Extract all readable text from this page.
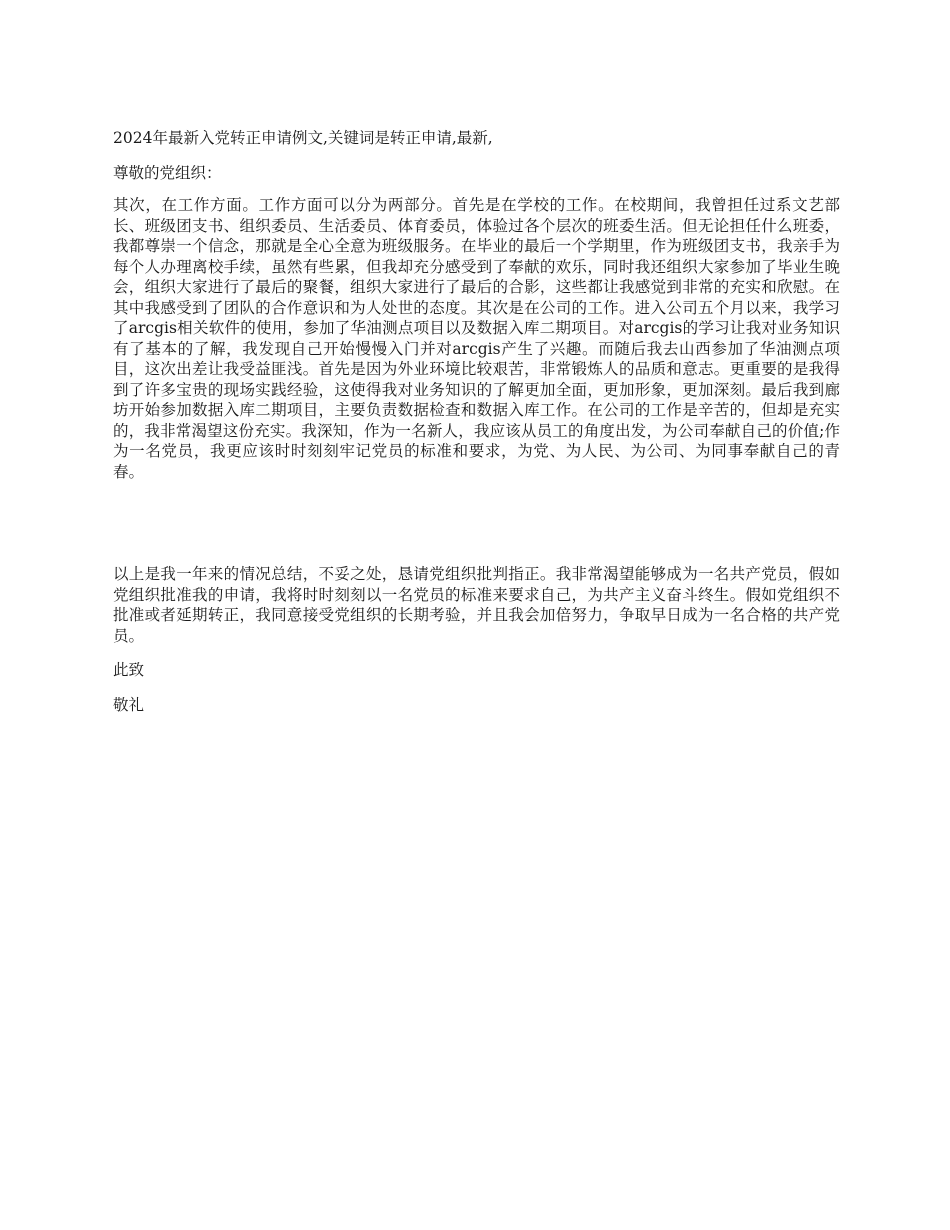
2024年最新入党转正申请例文,关键词是转正申请,最新,

尊敬的党组织：

其次，在工作方面。工作方面可以分为两部分。首先是在学校的工作。在校期间，我曾担任过系文艺部长、班级团支书、组织委员、生活委员、体育委员，体验过各个层次的班委生活。但无论担任什么班委，我都尊崇一个信念，那就是全心全意为班级服务。在毕业的最后一个学期里，作为班级团支书，我亲手为每个人办理离校手续，虽然有些累，但我却充分感受到了奉献的欢乐，同时我还组织大家参加了毕业生晚会，组织大家进行了最后的聚餐，组织大家进行了最后的合影，这些都让我感觉到非常的充实和欣慰。在其中我感受到了团队的合作意识和为人处世的态度。其次是在公司的工作。进入公司五个月以来，我学习了arcgis相关软件的使用，参加了华油测点项目以及数据入库二期项目。对arcgis的学习让我对业务知识有了基本的了解，我发现自己开始慢慢入门并对arcgis产生了兴趣。而随后我去山西参加了华油测点项目，这次出差让我受益匪浅。首先是因为外业环境比较艰苦，非常锻炼人的品质和意志。更重要的是我得到了许多宝贵的现场实践经验，这使得我对业务知识的了解更加全面，更加形象，更加深刻。最后我到廊坊开始参加数据入库二期项目，主要负责数据检查和数据入库工作。在公司的工作是辛苦的，但却是充实的，我非常渴望这份充实。我深知，作为一名新人，我应该从员工的角度出发，为公司奉献自己的价值;作为一名党员，我更应该时时刻刻牢记党员的标准和要求，为党、为人民、为公司、为同事奉献自己的青春。

以上是我一年来的情况总结，不妥之处，恳请党组织批判指正。我非常渴望能够成为一名共产党员，假如党组织批准我的申请，我将时时刻刻以一名党员的标准来要求自己，为共产主义奋斗终生。假如党组织不批准或者延期转正，我同意接受党组织的长期考验，并且我会加倍努力，争取早日成为一名合格的共产党员。

此致

敬礼
